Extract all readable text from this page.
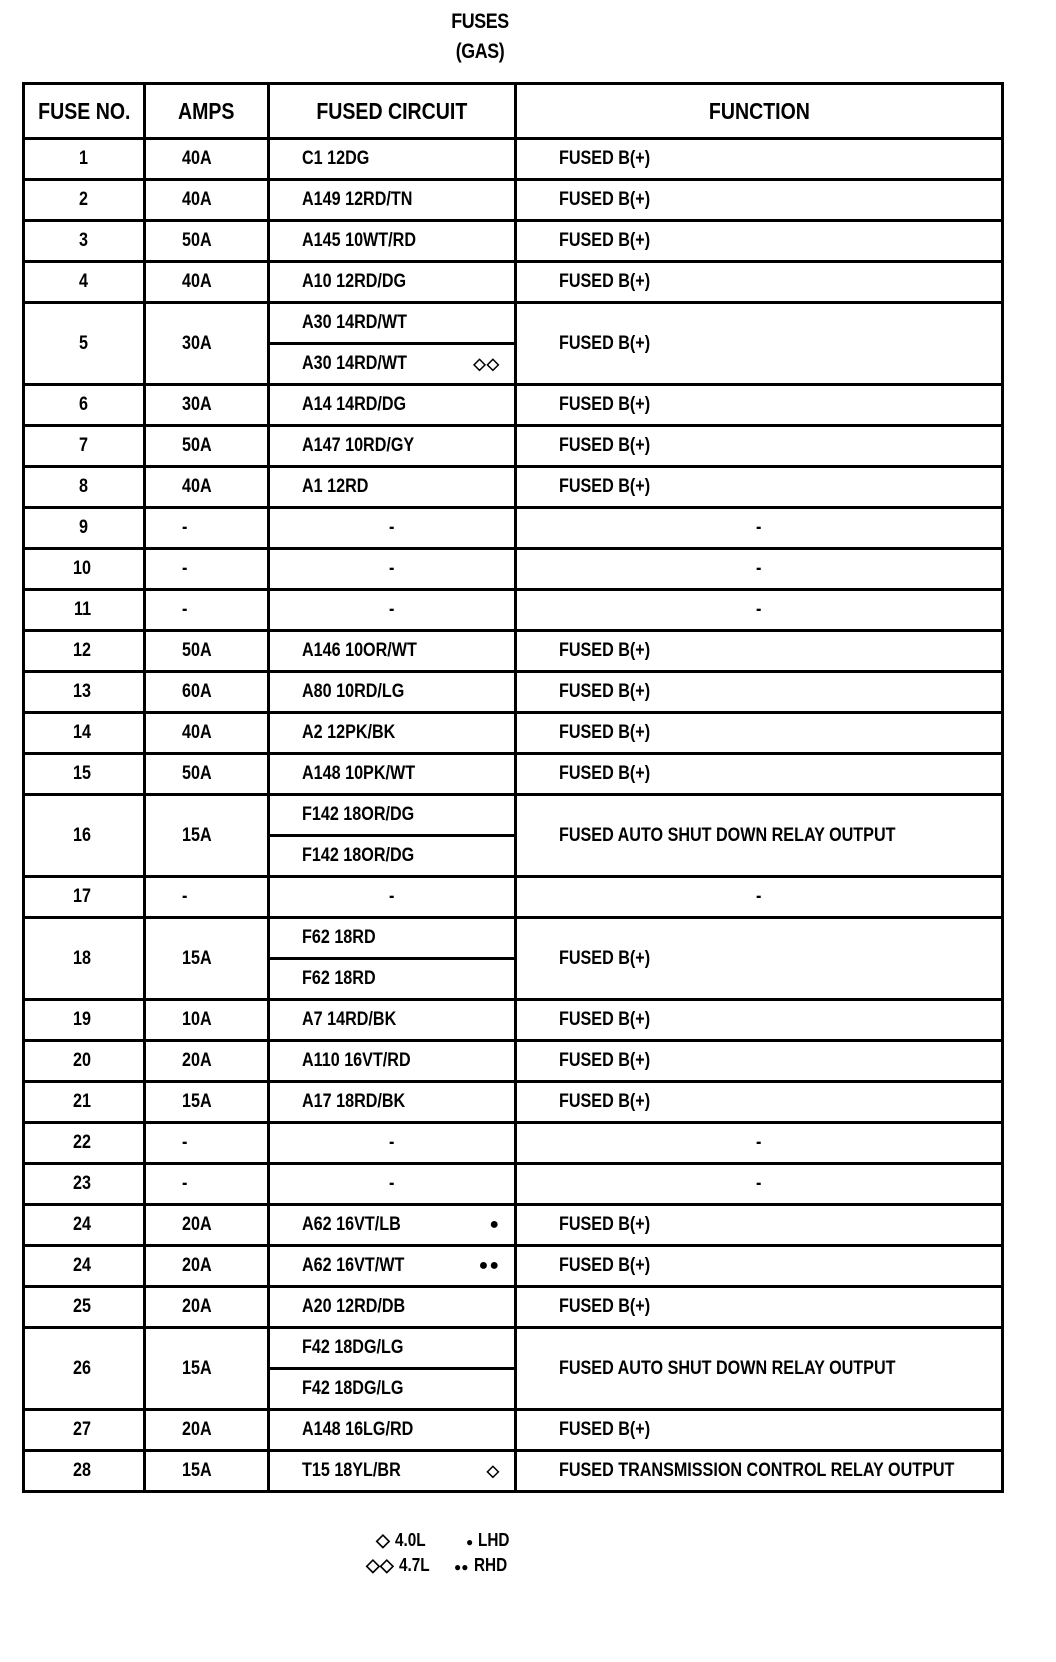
FUSES
(GAS)
FUSE NO.	AMPS	FUSED CIRCUIT	FUNCTION
1	40A	C1 12DG	FUSED B(+)
2	40A	A149 12RD/TN	FUSED B(+)
3	50A	A145 10WT/RD	FUSED B(+)
4	40A	A10 12RD/DG	FUSED B(+)
5	30A	A30 14RD/WT	FUSED B(+)
		A30 14RD/WT ◇◇	

6	30A	A14 14RD/DG	FUSED B(+)
7	50A	A147 10RD/GY	FUSED B(+)
8	40A	A1 12RD	FUSED B(+)
9	-	-	-
10	-	-	-
11	-	-	-
12	50A	A146 10OR/WT	FUSED B(+)
13	60A	A80 10RD/LG	FUSED B(+)
14	40A	A2 12PK/BK	FUSED B(+)
15	50A	A148 10PK/WT	FUSED B(+)
16	15A	F142 18OR/DG	FUSED AUTO SHUT DOWN RELAY OUTPUT
		F142 18OR/DG	
17	-	-	-
18	15A	F62 18RD	FUSED B(+)
		F62 18RD	
19	10A	A7 14RD/BK	FUSED B(+)
20	20A	A110 16VT/RD	FUSED B(+)
21	15A	A17 18RD/BK	FUSED B(+)
22	-	-	-
23	-	-	-
24	20A	A62 16VT/LB ●	FUSED B(+)
24	20A	A62 16VT/WT ●●	FUSED B(+)
25	20A	A20 12RD/DB	FUSED B(+)
26	15A	F42 18DG/LG	FUSED AUTO SHUT DOWN RELAY OUTPUT
		F42 18DG/LG	
27	20A	A148 16LG/RD	FUSED B(+)
28	15A	T15 18YL/BR ◇	FUSED TRANSMISSION CONTROL RELAY OUTPUT
◇ 4.0L
◇◇ 4.7L
● LHD
●● RHD
